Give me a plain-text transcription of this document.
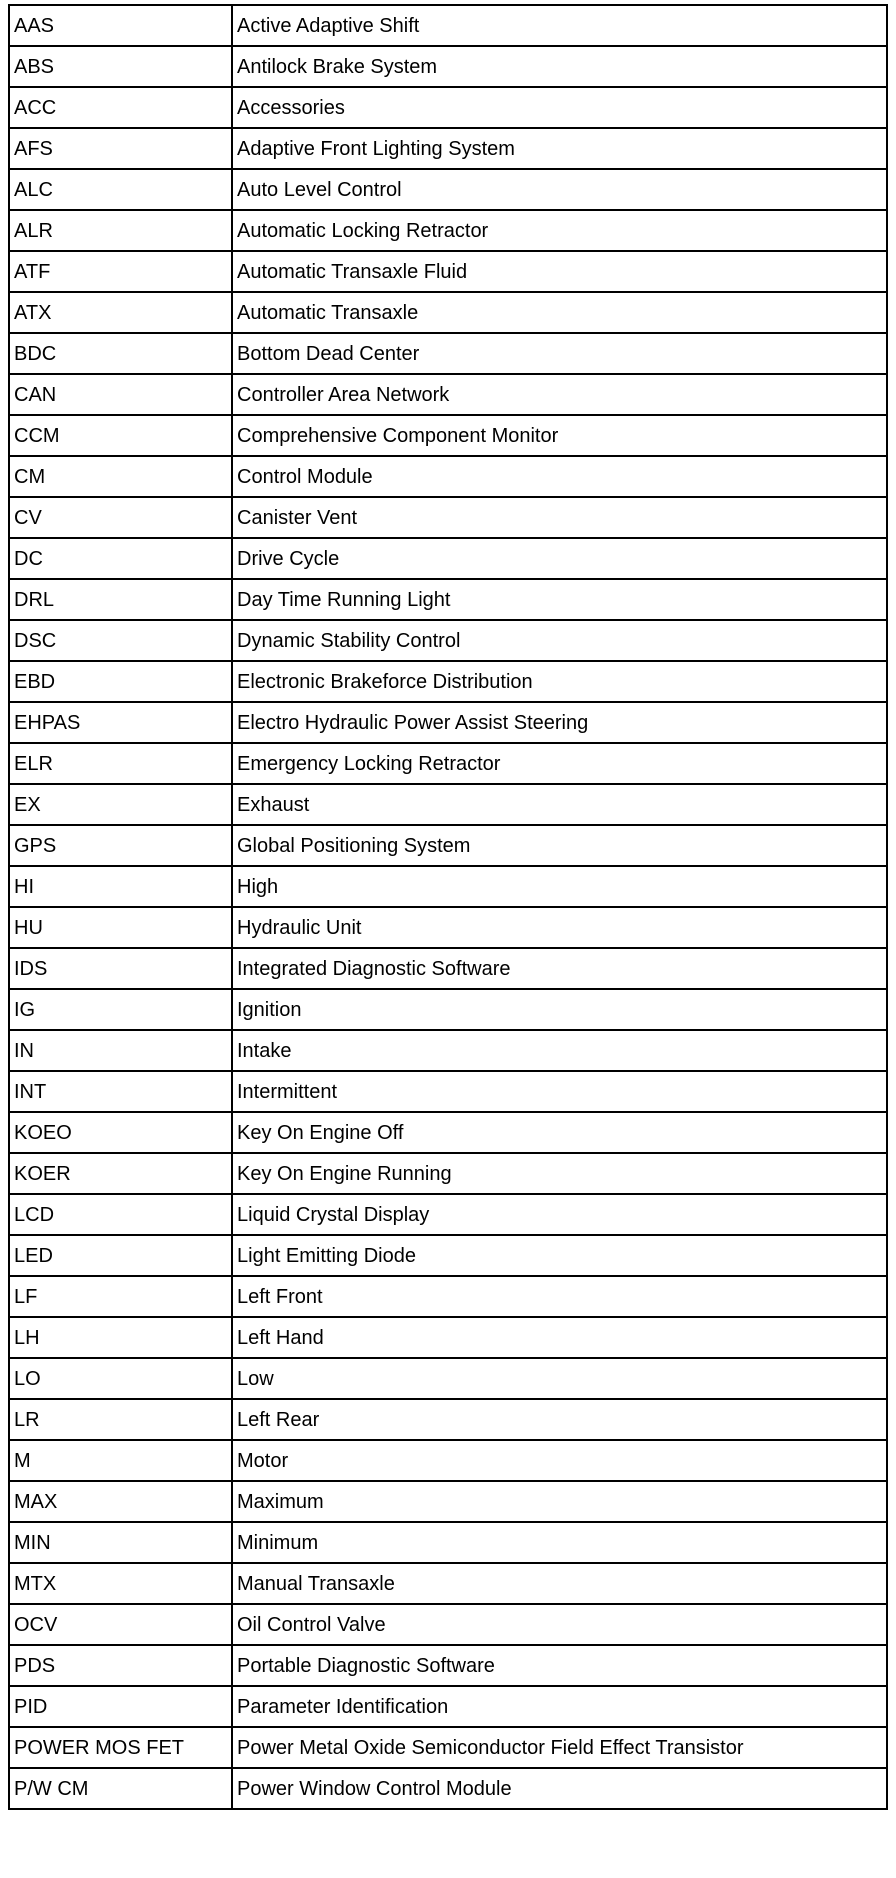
AAS	Active Adaptive Shift
ABS	Antilock Brake System
ACC	Accessories
AFS	Adaptive Front Lighting System
ALC	Auto Level Control
ALR	Automatic Locking Retractor
ATF	Automatic Transaxle Fluid
ATX	Automatic Transaxle
BDC	Bottom Dead Center
CAN	Controller Area Network
CCM	Comprehensive Component Monitor
CM	Control Module
CV	Canister Vent
DC	Drive Cycle
DRL	Day Time Running Light
DSC	Dynamic Stability Control
EBD	Electronic Brakeforce Distribution
EHPAS	Electro Hydraulic Power Assist Steering
ELR	Emergency Locking Retractor
EX	Exhaust
GPS	Global Positioning System
HI	High
HU	Hydraulic Unit
IDS	Integrated Diagnostic Software
IG	Ignition
IN	Intake
INT	Intermittent
KOEO	Key On Engine Off
KOER	Key On Engine Running
LCD	Liquid Crystal Display
LED	Light Emitting Diode
LF	Left Front
LH	Left Hand
LO	Low
LR	Left Rear
M	Motor
MAX	Maximum
MIN	Minimum
MTX	Manual Transaxle
OCV	Oil Control Valve
PDS	Portable Diagnostic Software
PID	Parameter Identification
POWER MOS FET	Power Metal Oxide Semiconductor Field Effect Transistor
P/W CM	Power Window Control Module
